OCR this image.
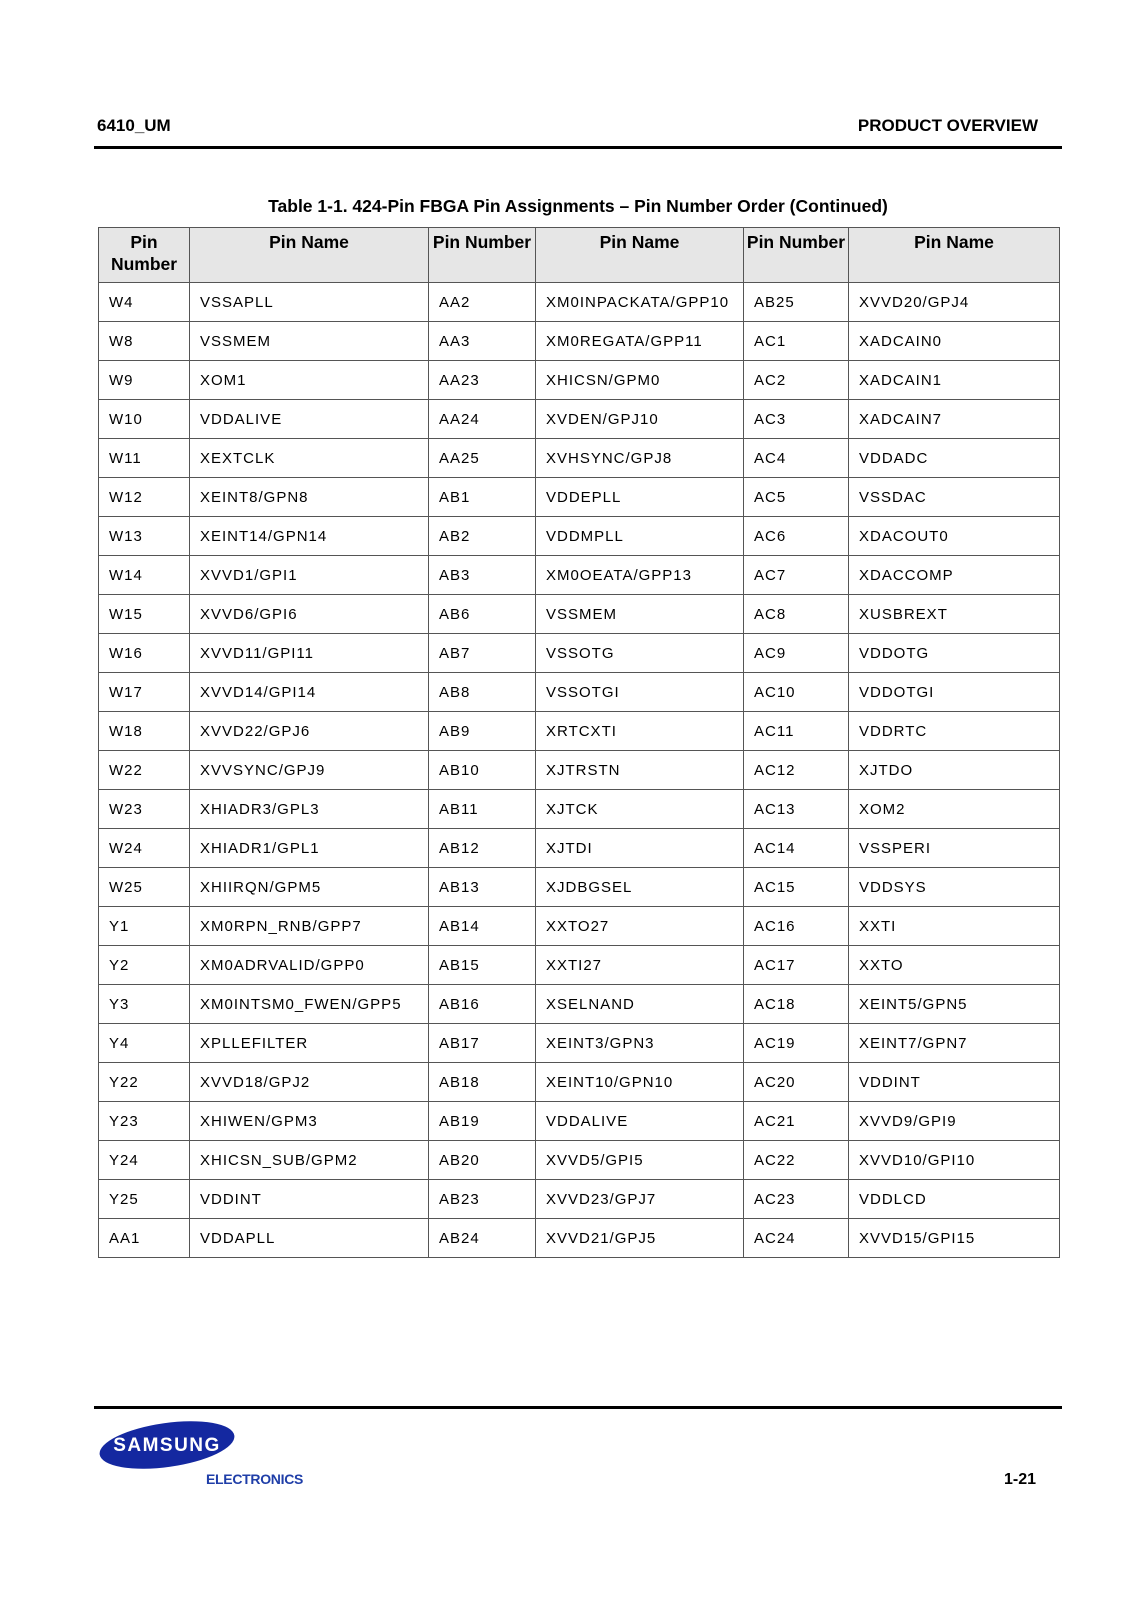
6410_UM	PRODUCT OVERVIEW
Table 1-1. 424-Pin FBGA Pin Assignments – Pin Number Order (Continued)
Pin Number	Pin Name	Pin Number	Pin Name	Pin Number	Pin Name
W4	VSSAPLL	AA2	XM0INPACKATA/GPP10	AB25	XVVD20/GPJ4
W8	VSSMEM	AA3	XM0REGATA/GPP11	AC1	XADCAIN0
W9	XOM1	AA23	XHICSN/GPM0	AC2	XADCAIN1
W10	VDDALIVE	AA24	XVDEN/GPJ10	AC3	XADCAIN7
W11	XEXTCLK	AA25	XVHSYNC/GPJ8	AC4	VDDADC
W12	XEINT8/GPN8	AB1	VDDEPLL	AC5	VSSDAC
W13	XEINT14/GPN14	AB2	VDDMPLL	AC6	XDACOUT0
W14	XVVD1/GPI1	AB3	XM0OEATA/GPP13	AC7	XDACCOMP
W15	XVVD6/GPI6	AB6	VSSMEM	AC8	XUSBREXT
W16	XVVD11/GPI11	AB7	VSSOTG	AC9	VDDOTG
W17	XVVD14/GPI14	AB8	VSSOTGI	AC10	VDDOTGI
W18	XVVD22/GPJ6	AB9	XRTCXTI	AC11	VDDRTC
W22	XVVSYNC/GPJ9	AB10	XJTRSTN	AC12	XJTDO
W23	XHIADR3/GPL3	AB11	XJTCK	AC13	XOM2
W24	XHIADR1/GPL1	AB12	XJTDI	AC14	VSSPERI
W25	XHIIRQN/GPM5	AB13	XJDBGSEL	AC15	VDDSYS
Y1	XM0RPN_RNB/GPP7	AB14	XXTO27	AC16	XXTI
Y2	XM0ADRVALID/GPP0	AB15	XXTI27	AC17	XXTO
Y3	XM0INTSM0_FWEN/GPP5	AB16	XSELNAND	AC18	XEINT5/GPN5
Y4	XPLLEFILTER	AB17	XEINT3/GPN3	AC19	XEINT7/GPN7
Y22	XVVD18/GPJ2	AB18	XEINT10/GPN10	AC20	VDDINT
Y23	XHIWEN/GPM3	AB19	VDDALIVE	AC21	XVVD9/GPI9
Y24	XHICSN_SUB/GPM2	AB20	XVVD5/GPI5	AC22	XVVD10/GPI10
Y25	VDDINT	AB23	XVVD23/GPJ7	AC23	VDDLCD
AA1	VDDAPLL	AB24	XVVD21/GPJ5	AC24	XVVD15/GPI15
SAMSUNG
ELECTRONICS	1-21
